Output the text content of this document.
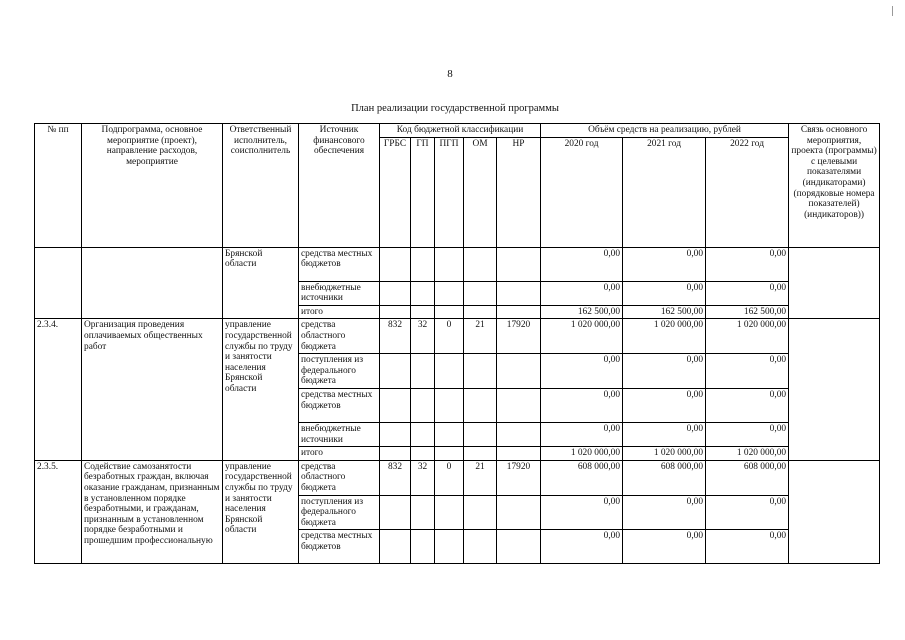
8
План реализации государственной программы
№ пп	Подпрограмма, основное мероприятие (проект), направление расходов, мероприятие	Ответственный исполнитель, соисполнитель	Источник финансового обеспечения	Код бюджетной классификации					Объём средств на реализацию, рублей			Связь основного мероприятия, проекта (программы) с целевыми показателями (индикаторами) (порядковые номера показателей) (индикаторов))
				ГРБС	ГП	ПГП	ОМ	НР	2020 год	2021 год	2022 год	
		Брянской области	средства местных бюджетов						0,00	0,00	0,00	
			внебюджетные источники						0,00	0,00	0,00	
			итого						162 500,00	162 500,00	162 500,00	
2.3.4.	Организация проведения оплачиваемых общественных работ	управление государственной службы по труду и занятости населения Брянской области	средства областного бюджета	832	32	0	21	17920	1 020 000,00	1 020 000,00	1 020 000,00	
			поступления из федерального бюджета						0,00	0,00	0,00	
			средства местных бюджетов						0,00	0,00	0,00	
			внебюджетные источники						0,00	0,00	0,00	
			итого						1 020 000,00	1 020 000,00	1 020 000,00	
2.3.5.	Содействие самозанятости безработных граждан, включая оказание гражданам, признанным в установленном порядке безработными, и гражданам, признанным в установленном порядке безработными и прошедшим профессиональную	управление государственной службы по труду и занятости населения Брянской области	средства областного бюджета	832	32	0	21	17920	608 000,00	608 000,00	608 000,00	
			поступления из федерального бюджета						0,00	0,00	0,00	
			средства местных бюджетов						0,00	0,00	0,00	
